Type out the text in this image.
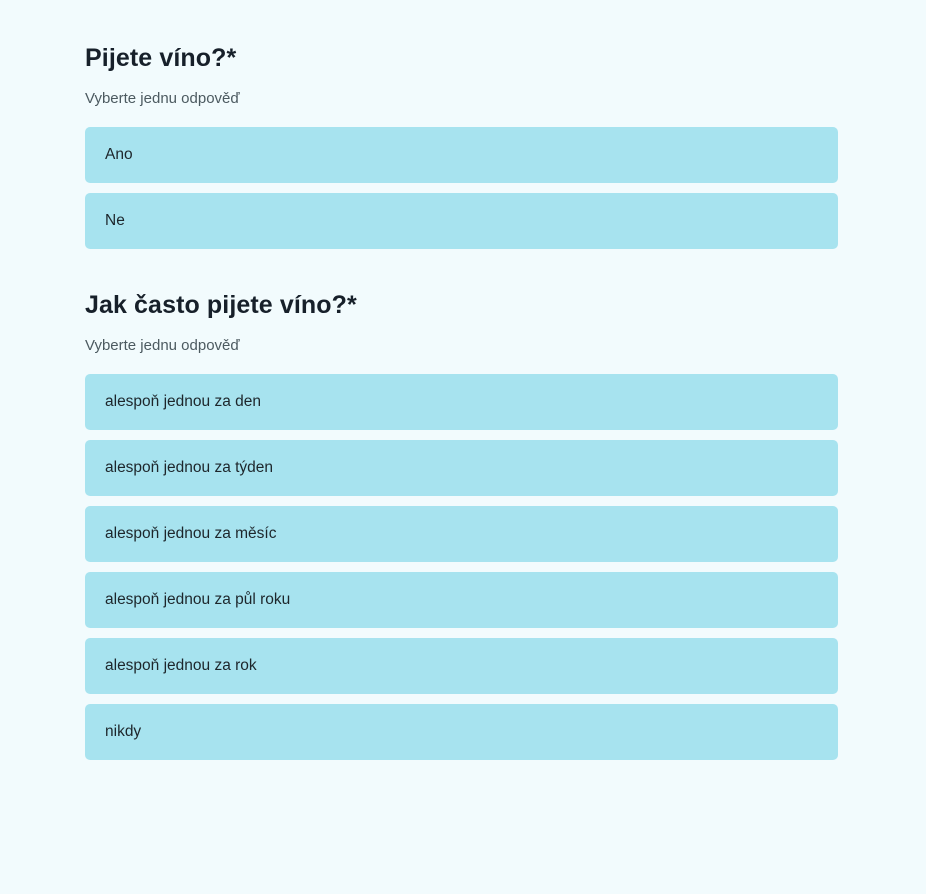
Pijete víno?*
Vyberte jednu odpověď
Ano
Ne
Jak často pijete víno?*
Vyberte jednu odpověď
alespoň jednou za den
alespoň jednou za týden
alespoň jednou za měsíc
alespoň jednou za půl roku
alespoň jednou za rok
nikdy
